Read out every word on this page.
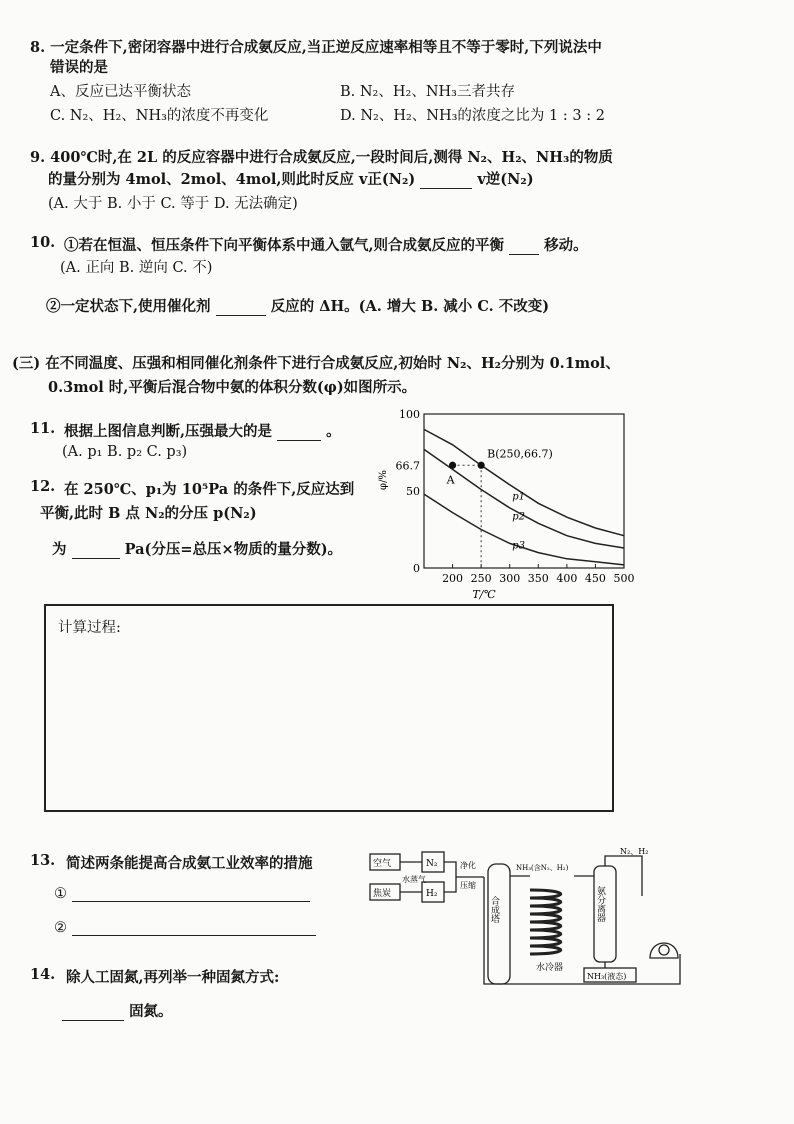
8. 一定条件下,密闭容器中进行合成氨反应,当正逆反应速率相等且不等于零时,下列说法中
错误的是
A、反应已达平衡状态	B. N₂、H₂、NH₃三者共存
C. N₂、H₂、NH₃的浓度不再变化	D. N₂、H₂、NH₃的浓度之比为 1 : 3 : 2
9. 400℃时,在 2L 的反应容器中进行合成氨反应,一段时间后,测得 N₂、H₂、NH₃的物质
的量分别为 4mol、2mol、4mol,则此时反应 v正(N₂)	v逆(N₂)
(A. 大于 B. 小于 C. 等于 D. 无法确定)
10. ①若在恒温、恒压条件下向平衡体系中通入氩气,则合成氨反应的平衡	移动。
(A. 正向 B. 逆向 C. 不)
②一定状态下,使用催化剂	反应的 ΔH。(A. 增大 B. 减小 C. 不改变)
(三) 在不同温度、压强和相同催化剂条件下进行合成氨反应,初始时 N₂、H₂分别为 0.1mol、
0.3mol 时,平衡后混合物中氨的体积分数(φ)如图所示。
11. 根据上图信息判断,压强最大的是	。
(A. p₁ B. p₂ C. p₃)
12. 在 250℃、p₁为 10⁵Pa 的条件下,反应达到
平衡,此时 B 点 N₂的分压 p(N₂)
为	Pa(分压=总压×物质的量分数)。
200 250 300 350 400 450 500
0
50
100
66.7
φ/%
T/℃
p1
p2
p3
A
B(250,66.7)
计算过程:
13. 简述两条能提高合成氨工业效率的措施
①
②
14. 除人工固氮,再列举一种固氮方式:
固氮。
空气
焦炭
N₂
H₂
水蒸气
净化
压缩
合成塔
NH₃(含N₂、H₂)
水冷器
氨分离器
N₂、H₂
NH₃(液态)
